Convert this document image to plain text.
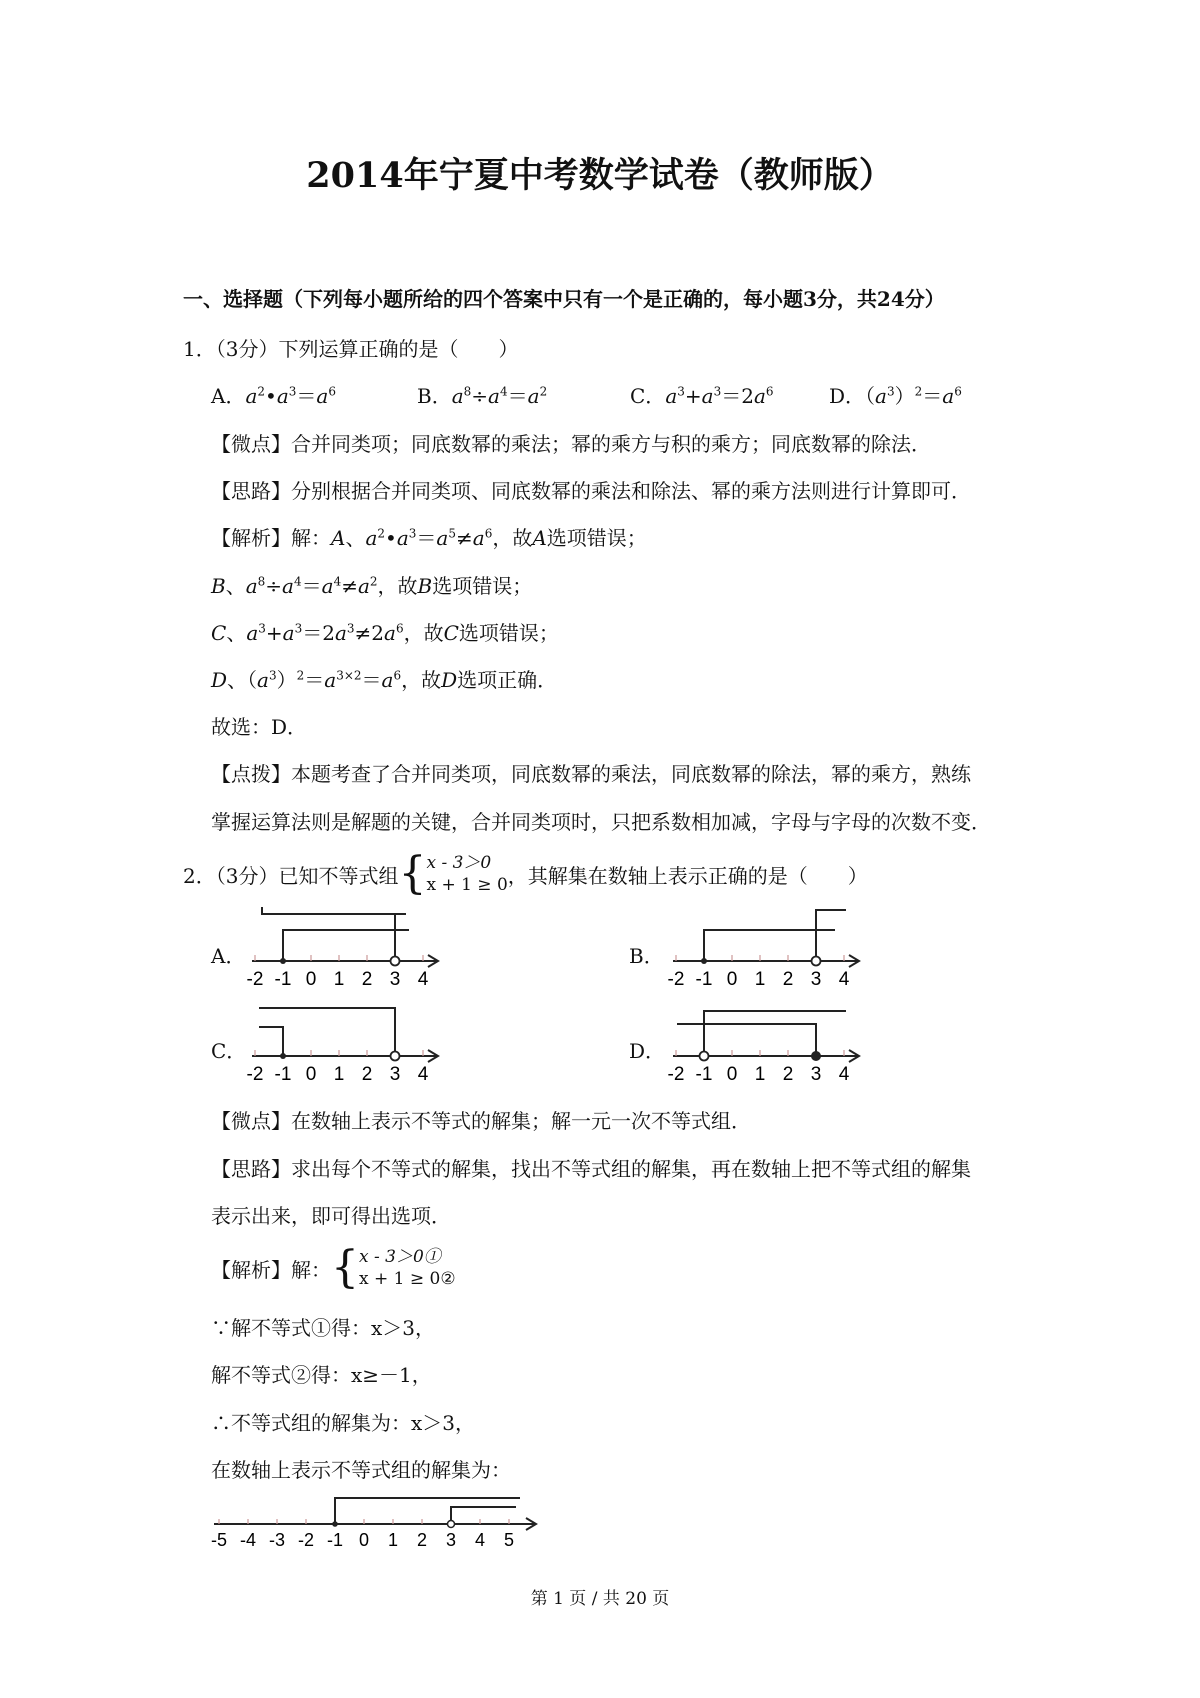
2014年宁夏中考数学试卷（教师版）
一、选择题（下列每小题所给的四个答案中只有一个是正确的，每小题3分，共24分）
1．（3分）下列运算正确的是（　　）
A．$a^2•a^3=a^6$	B．$a^8\div a^4=a^2$	C．$a^3+a^3=2a^6$	D．$(a^3)^2=a^6$
【微点】合并同类项；同底数幂的乘法；幂的乘方与积的乘方；同底数幂的除法．
【思路】分别根据合并同类项、同底数幂的乘法和除法、幂的乘方法则进行计算即可．
【解析】解：A、$a^2•a^3=a^5\ne a^6$，故A选项错误；
B、$a^8\div a^4=a^4\ne a^2$，故B选项错误；
C、$a^3+a^3=2a^3\ne 2a^6$，故C选项错误；
D、$(a^3)^2=a^{3\times 2}=a^6$，故D选项正确．
故选：D．
【点拨】本题考查了合并同类项，同底数幂的乘法，同底数幂的除法，幂的乘方，熟练
掌握运算法则是解题的关键，合并同类项时，只把系数相加减，字母与字母的次数不变．
2．（3分）已知不等式组 { x - 3＞0
x + 1 ≥ 0 ，其解集在数轴上表示正确的是（　　）
A．	B．
C．	D．
-2 -1 0 1 2 3 4	-2 -1 0 1 2 3 4
-2 -1 0 1 2 3 4	-2 -1 0 1 2 3 4
【微点】在数轴上表示不等式的解集；解一元一次不等式组．
【思路】求出每个不等式的解集，找出不等式组的解集，再在数轴上把不等式组的解集
表示出来，即可得出选项．
【解析】解： { x - 3＞0①
x + 1 ≥ 0②
∵解不等式①得：x＞3，
解不等式②得：x≥－1，
∴不等式组的解集为：x＞3，
在数轴上表示不等式组的解集为：
-5 -4 -3 -2 -1 0 1 2 3 4 5
第 1 页 / 共 20 页
